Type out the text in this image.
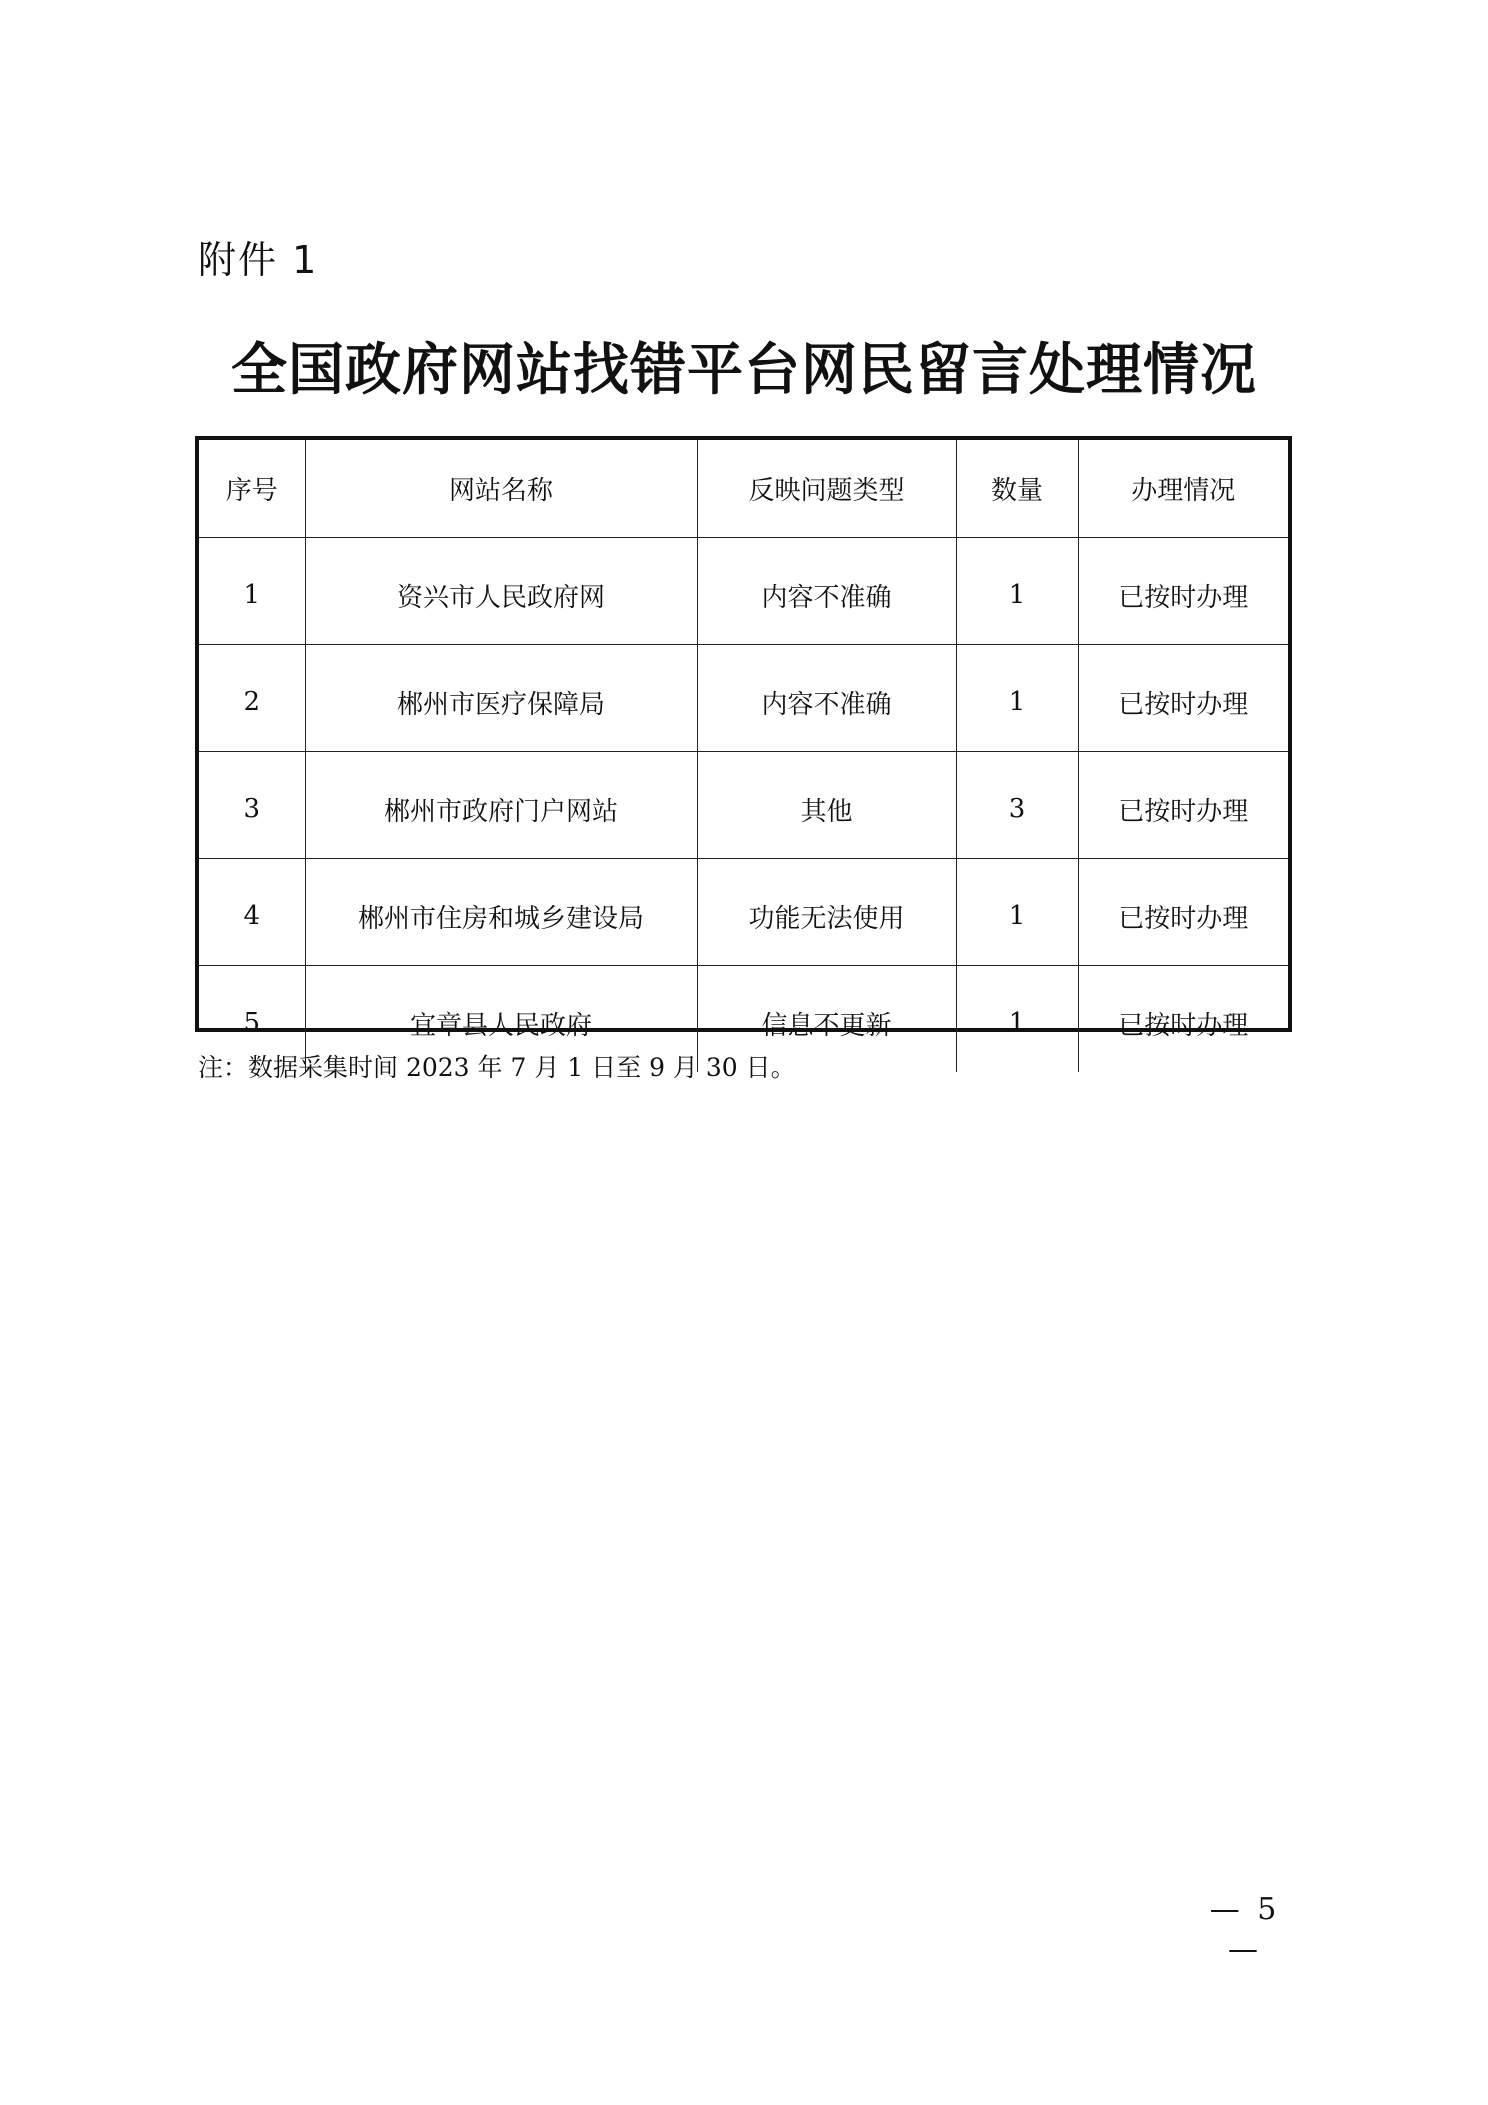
附件 1
全国政府网站找错平台网民留言处理情况
序号	网站名称	反映问题类型	数量	办理情况
1	资兴市人民政府网	内容不准确	1	已按时办理
2	郴州市医疗保障局	内容不准确	1	已按时办理
3	郴州市政府门户网站	其他	3	已按时办理
4	郴州市住房和城乡建设局	功能无法使用	1	已按时办理
5	宜章县人民政府	信息不更新	1	已按时办理
注：数据采集时间 2023 年 7 月 1 日至 9 月 30 日。
— 5 —
